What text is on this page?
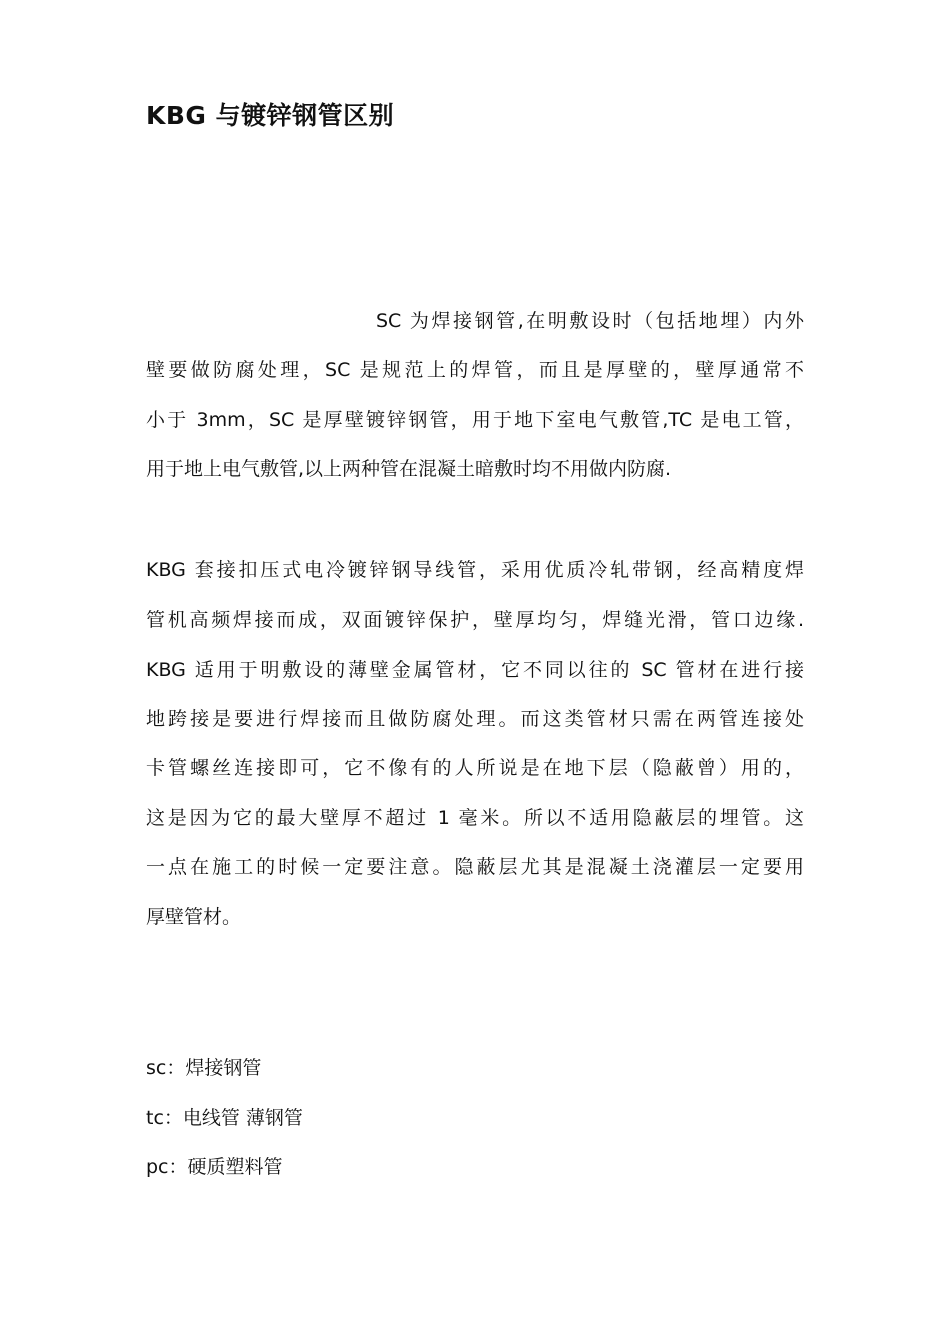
KBG 与镀锌钢管区别

SC 为焊接钢管,在明敷设时（包括地埋）内外

壁要做防腐处理，SC 是规范上的焊管，而且是厚壁的，壁厚通常不

小于 3mm，SC 是厚壁镀锌钢管，用于地下室电气敷管,TC 是电工管，

用于地上电气敷管,以上两种管在混凝土暗敷时均不用做内防腐.

KBG 套接扣压式电冷镀锌钢导线管，采用优质冷轧带钢，经高精度焊

管机高频焊接而成，双面镀锌保护，壁厚均匀，焊缝光滑，管口边缘.

KBG 适用于明敷设的薄壁金属管材，它不同以往的 SC 管材在进行接

地跨接是要进行焊接而且做防腐处理。而这类管材只需在两管连接处

卡管螺丝连接即可，它不像有的人所说是在地下层（隐蔽曾）用的，

这是因为它的最大壁厚不超过 1 毫米。所以不适用隐蔽层的埋管。这

一点在施工的时候一定要注意。隐蔽层尤其是混凝土浇灌层一定要用

厚壁管材。

sc：焊接钢管

tc：电线管 薄钢管

pc：硬质塑料管
